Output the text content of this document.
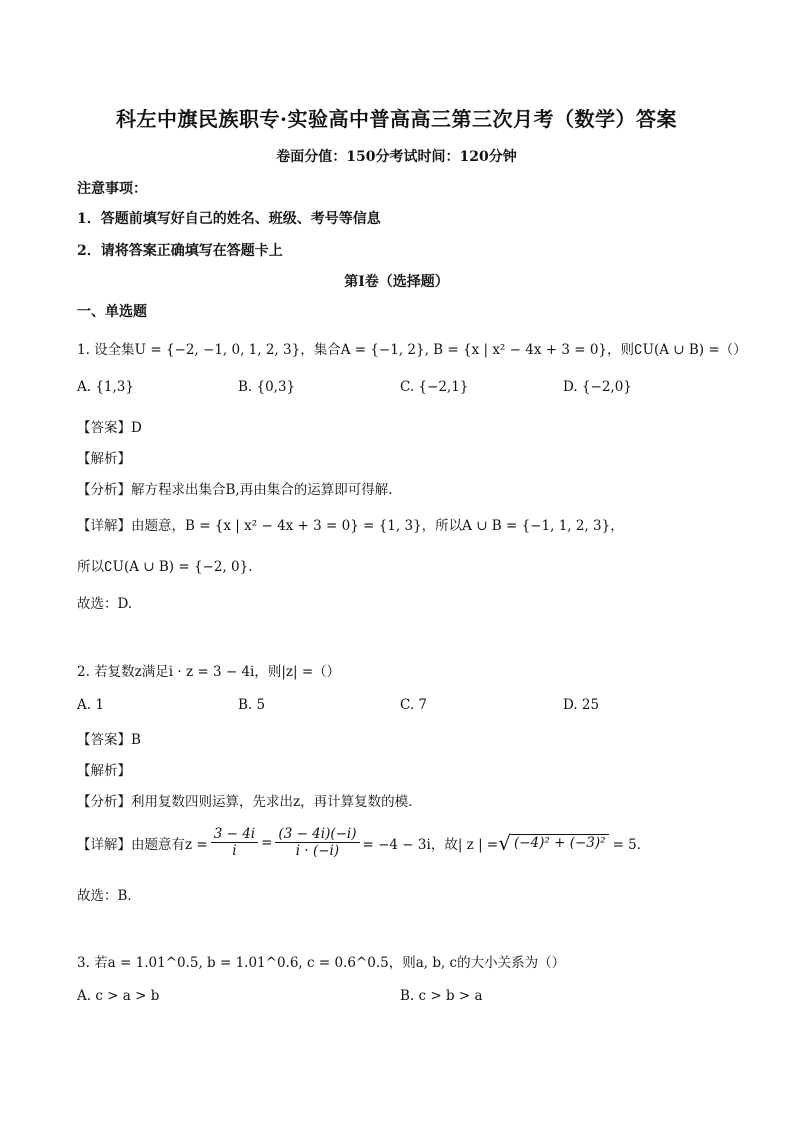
科左中旗民族职专·实验高中普高高三第三次月考（数学）答案
卷面分值：150分考试时间：120分钟
注意事项：
1．答题前填写好自己的姓名、班级、考号等信息
2．请将答案正确填写在答题卡上
第I卷（选择题）
一、单选题
1. 设全集U = {−2, −1, 0, 1, 2, 3}，集合A = {−1, 2}, B = {x | x² − 4x + 3 = 0}，则∁U(A ∪ B) =（）
A. {1,3}	B. {0,3}	C. {−2,1}	D. {−2,0}
【答案】D
【解析】
【分析】解方程求出集合B,再由集合的运算即可得解.
【详解】由题意，B = {x | x² − 4x + 3 = 0} = {1, 3}，所以A ∪ B = {−1, 1, 2, 3}，
所以∁U(A ∪ B) = {−2, 0}.
故选：D.
2. 若复数z满足i · z = 3 − 4i，则|z| =（）
A. 1	B. 5	C. 7	D. 25
【答案】B
【解析】
【分析】利用复数四则运算，先求出z，再计算复数的模．
【详解】由题意有$z = \frac{3 - 4i}{i} = \frac{(3 - 4i)(-i)}{i \cdot (-i)} = -4 - 3i$，故| z | = √ (−4)² + (−3)² = 5．
故选：B．
3. 若a = 1.01^0.5, b = 1.01^0.6, c = 0.6^0.5，则a, b, c的大小关系为（）
A. c > a > b	B. c > b > a
